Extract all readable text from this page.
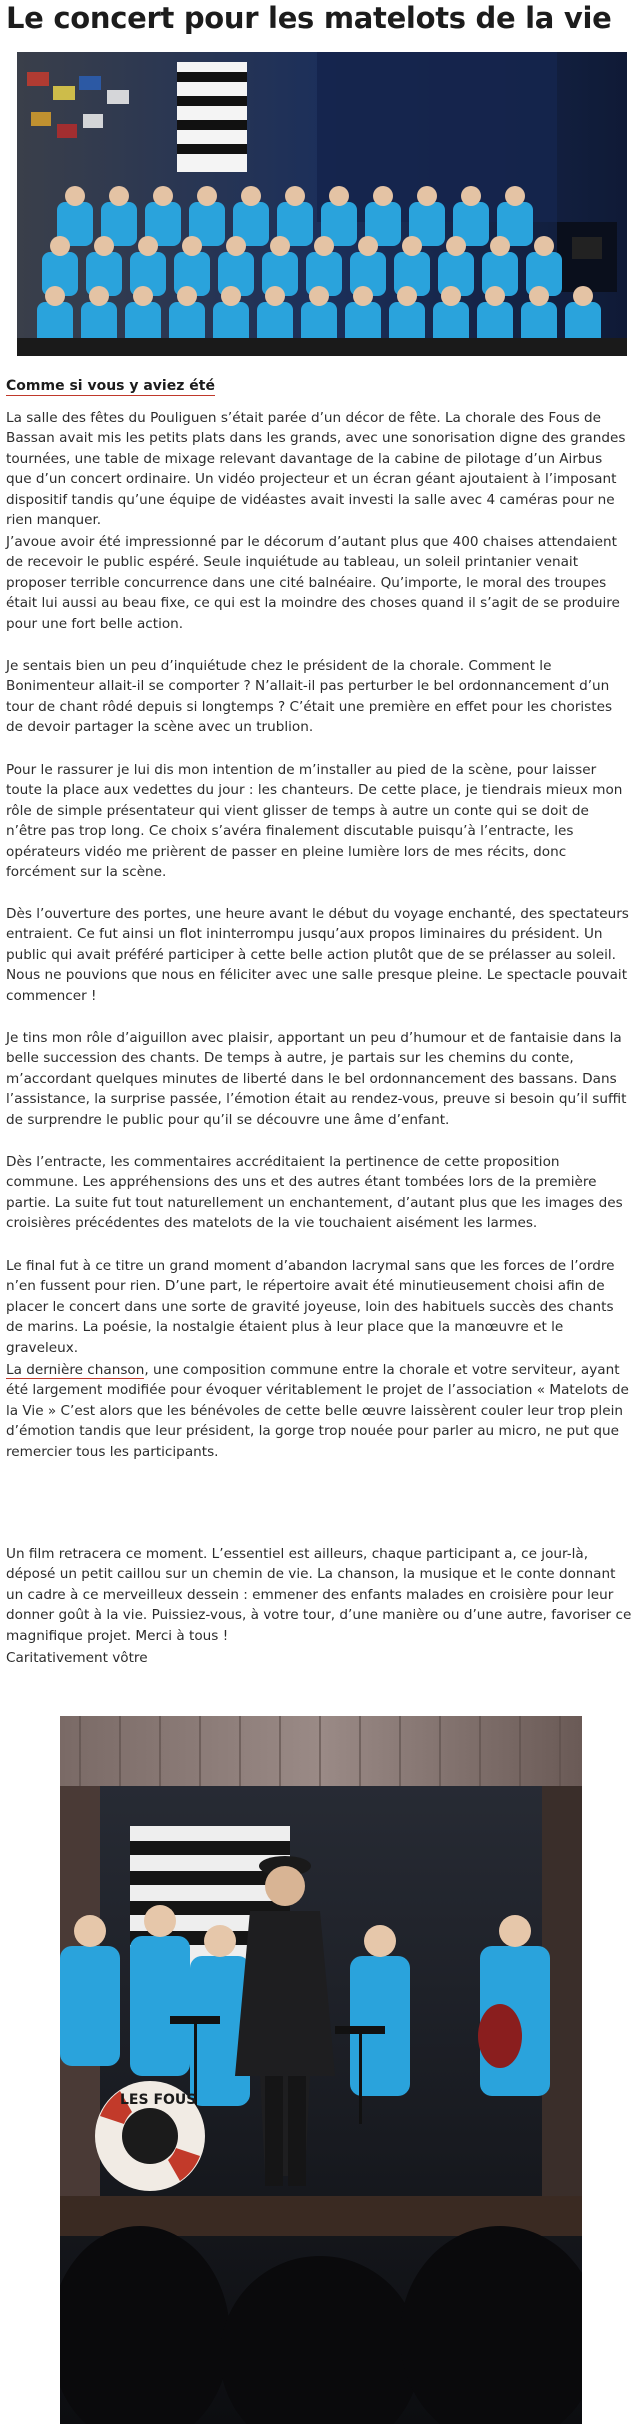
Le concert pour les matelots de la vie
Comme si vous y aviez été

La salle des fêtes du Pouliguen s’était parée d’un décor de fête. La chorale des Fous de Bassan avait mis les petits plats dans les grands, avec une sonorisation digne des grandes tournées, une table de mixage relevant davantage de la cabine de pilotage d’un Airbus que d’un concert ordinaire. Un vidéo projecteur et un écran géant ajoutaient à l’imposant dispositif tandis qu’une équipe de vidéastes avait investi la salle avec 4 caméras pour ne rien manquer.

J’avoue avoir été impressionné par le décorum d’autant plus que 400 chaises attendaient de recevoir le public espéré. Seule inquiétude au tableau, un soleil printanier venait proposer terrible concurrence dans une cité balnéaire. Qu’importe, le moral des troupes était lui aussi au beau fixe, ce qui est la moindre des choses quand il s’agit de se produire pour une fort belle action.

Je sentais bien un peu d’inquiétude chez le président de la chorale. Comment le Bonimenteur allait-il se comporter ? N’allait-il pas perturber le bel ordonnancement d’un tour de chant rôdé depuis si longtemps ? C’était une première en effet pour les choristes de devoir partager la scène avec un trublion.

Pour le rassurer je lui dis mon intention de m’installer au pied de la scène, pour laisser toute la place aux vedettes du jour : les chanteurs. De cette place, je tiendrais mieux mon rôle de simple présentateur qui vient glisser de temps à autre un conte qui se doit de n’être pas trop long. Ce choix s’avéra finalement discutable puisqu’à l’entracte, les opérateurs vidéo me prièrent de passer en pleine lumière lors de mes récits, donc forcément sur la scène.

Dès l’ouverture des portes, une heure avant le début du voyage enchanté, des spectateurs entraient. Ce fut ainsi un flot ininterrompu jusqu’aux propos liminaires du président. Un public qui avait préféré participer à cette belle action plutôt que de se prélasser au soleil. Nous ne pouvions que nous en féliciter avec une salle presque pleine. Le spectacle pouvait commencer !

Je tins mon rôle d’aiguillon avec plaisir, apportant un peu d’humour et de fantaisie dans la belle succession des chants. De temps à autre, je partais sur les chemins du conte, m’accordant quelques minutes de liberté dans le bel ordonnancement des bassans. Dans l’assistance, la surprise passée, l’émotion était au rendez-vous, preuve si besoin qu’il suffit de surprendre le public pour qu’il se découvre une âme d’enfant.

Dès l’entracte, les commentaires accréditaient la pertinence de cette proposition commune. Les appréhensions des uns et des autres étant tombées lors de la première partie. La suite fut tout naturellement un enchantement, d’autant plus que les images des croisières précédentes des matelots de la vie touchaient aisément les larmes.

Le final fut à ce titre un grand moment d’abandon lacrymal sans que les forces de l’ordre n’en fussent pour rien. D’une part, le répertoire avait été minutieusement choisi afin de placer le concert dans une sorte de gravité joyeuse, loin des habituels succès des chants de marins. La poésie, la nostalgie étaient plus à leur place que la manœuvre et le graveleux.

La dernière chanson, une composition commune entre la chorale et votre serviteur, ayant été largement modifiée pour évoquer véritablement le projet de l’association « Matelots de la Vie » C’est alors que les bénévoles de cette belle œuvre laissèrent couler leur trop plein d’émotion tandis que leur président, la gorge trop nouée pour parler au micro, ne put que remercier tous les participants.

Un film retracera ce moment. L’essentiel est ailleurs, chaque participant a, ce jour-là, déposé un petit caillou sur un chemin de vie. La chanson, la musique et le conte donnant un cadre à ce merveilleux dessein : emmener des enfants malades en croisière pour leur donner goût à la vie. Puissiez-vous, à votre tour, d’une manière ou d’une autre, favoriser ce magnifique projet. Merci à tous !

Caritativement vôtre

LES FOUS
